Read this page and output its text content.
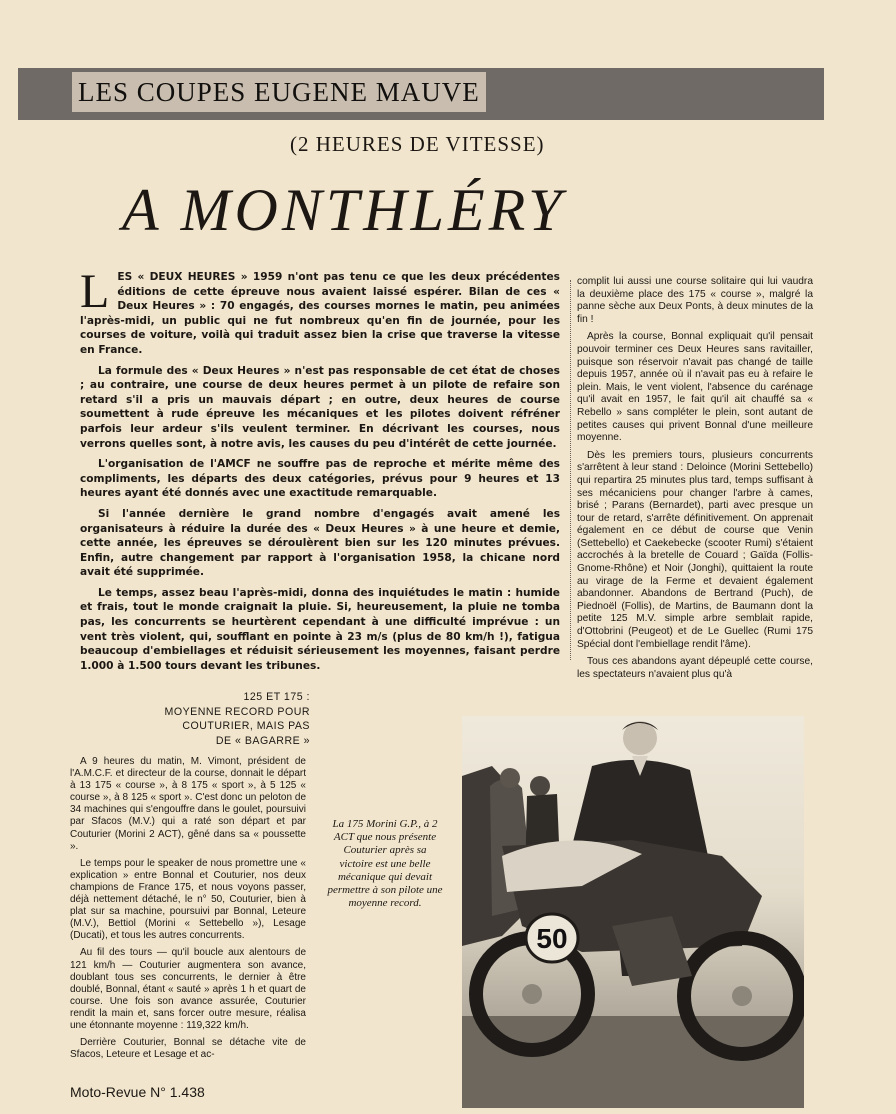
LES COUPES EUGENE MAUVE
(2 HEURES DE VITESSE)
A MONTHLÉRY

LES « DEUX HEURES » 1959 n'ont pas tenu ce que les deux précédentes éditions de cette épreuve nous avaient laissé espérer. Bilan de ces « Deux Heures » : 70 engagés, des courses mornes le matin, peu animées l'après-midi, un public qui ne fut nombreux qu'en fin de journée, pour les courses de voiture, voilà qui traduit assez bien la crise que traverse la vitesse en France.

La formule des « Deux Heures » n'est pas responsable de cet état de choses ; au contraire, une course de deux heures permet à un pilote de refaire son retard s'il a pris un mauvais départ ; en outre, deux heures de course soumettent à rude épreuve les mécaniques et les pilotes doivent réfréner parfois leur ardeur s'ils veulent terminer. En décrivant les courses, nous verrons quelles sont, à notre avis, les causes du peu d'intérêt de cette journée.

L'organisation de l'AMCF ne souffre pas de reproche et mérite même des compliments, les départs des deux catégories, prévus pour 9 heures et 13 heures ayant été donnés avec une exactitude remarquable.

Si l'année dernière le grand nombre d'engagés avait amené les organisateurs à réduire la durée des « Deux Heures » à une heure et demie, cette année, les épreuves se déroulèrent bien sur les 120 minutes prévues. Enfin, autre changement par rapport à l'organisation 1958, la chicane nord avait été supprimée.

Le temps, assez beau l'après-midi, donna des inquiétudes le matin : humide et frais, tout le monde craignait la pluie. Si, heureusement, la pluie ne tomba pas, les concurrents se heurtèrent cependant à une difficulté imprévue : un vent très violent, qui, soufflant en pointe à 23 m/s (plus de 80 km/h !), fatigua beaucoup d'embiellages et réduisit sérieusement les moyennes, faisant perdre 1.000 à 1.500 tours devant les tribunes.

complit lui aussi une course solitaire qui lui vaudra la deuxième place des 175 « course », malgré la panne sèche aux Deux Ponts, à deux minutes de la fin !

Après la course, Bonnal expliquait qu'il pensait pouvoir terminer ces Deux Heures sans ravitailler, puisque son réservoir n'avait pas changé de taille depuis 1957, année où il n'avait pas eu à refaire le plein. Mais, le vent violent, l'absence du carénage qu'il avait en 1957, le fait qu'il ait chauffé sa « Rebello » sans compléter le plein, sont autant de petites causes qui privent Bonnal d'une meilleure moyenne.

Dès les premiers tours, plusieurs concurrents s'arrêtent à leur stand : Deloince (Morini Settebello) qui repartira 25 minutes plus tard, temps suffisant à ses mécaniciens pour changer l'arbre à cames, brisé ; Parans (Bernardet), parti avec presque un tour de retard, s'arrête définitivement. On apprenait également en ce début de course que Venin (Settebello) et Caekebecke (scooter Rumi) s'étaient accrochés à la bretelle de Couard ; Gaïda (Follis-Gnome-Rhône) et Noir (Jonghi), quittaient la route au virage de la Ferme et devaient également abandonner. Abandons de Bertrand (Puch), de Piednoël (Follis), de Martins, de Baumann dont la petite 125 M.V. simple arbre semblait rapide, d'Ottobrini (Peugeot) et de Le Guellec (Rumi 175 Spécial dont l'embiellage rendit l'âme).

Tous ces abandons ayant dépeuplé cette course, les spectateurs n'avaient plus qu'à

125 ET 175 :
MOYENNE RECORD POUR
COUTURIER, MAIS PAS
DE « BAGARRE »

A 9 heures du matin, M. Vimont, président de l'A.M.C.F. et directeur de la course, donnait le départ à 13 175 « course », à 8 175 « sport », à 5 125 « course », à 8 125 « sport ». C'est donc un peloton de 34 machines qui s'engouffre dans le goulet, poursuivi par Sfacos (M.V.) qui a raté son départ et par Couturier (Morini 2 ACT), gêné dans sa « poussette ».

Le temps pour le speaker de nous promettre une « explication » entre Bonnal et Couturier, nos deux champions de France 175, et nous voyons passer, déjà nettement détaché, le n° 50, Couturier, bien à plat sur sa machine, poursuivi par Bonnal, Leteure (M.V.), Bettiol (Morini « Settebello »), Lesage (Ducati), et tous les autres concurrents.

Au fil des tours — qu'il boucle aux alentours de 121 km/h — Couturier augmentera son avance, doublant tous ses concurrents, le dernier à être doublé, Bonnal, étant « sauté » après 1 h et quart de course. Une fois son avance assurée, Couturier rendit la main et, sans forcer outre mesure, réalisa une étonnante moyenne : 119,322 km/h.

Derrière Couturier, Bonnal se détache vite de Sfacos, Leteure et Lesage et ac-

La 175 Morini G.P., à 2 ACT que nous présente Couturier après sa victoire est une belle mécanique qui devait permettre à son pilote une moyenne record.
50
Moto-Revue N° 1.438
